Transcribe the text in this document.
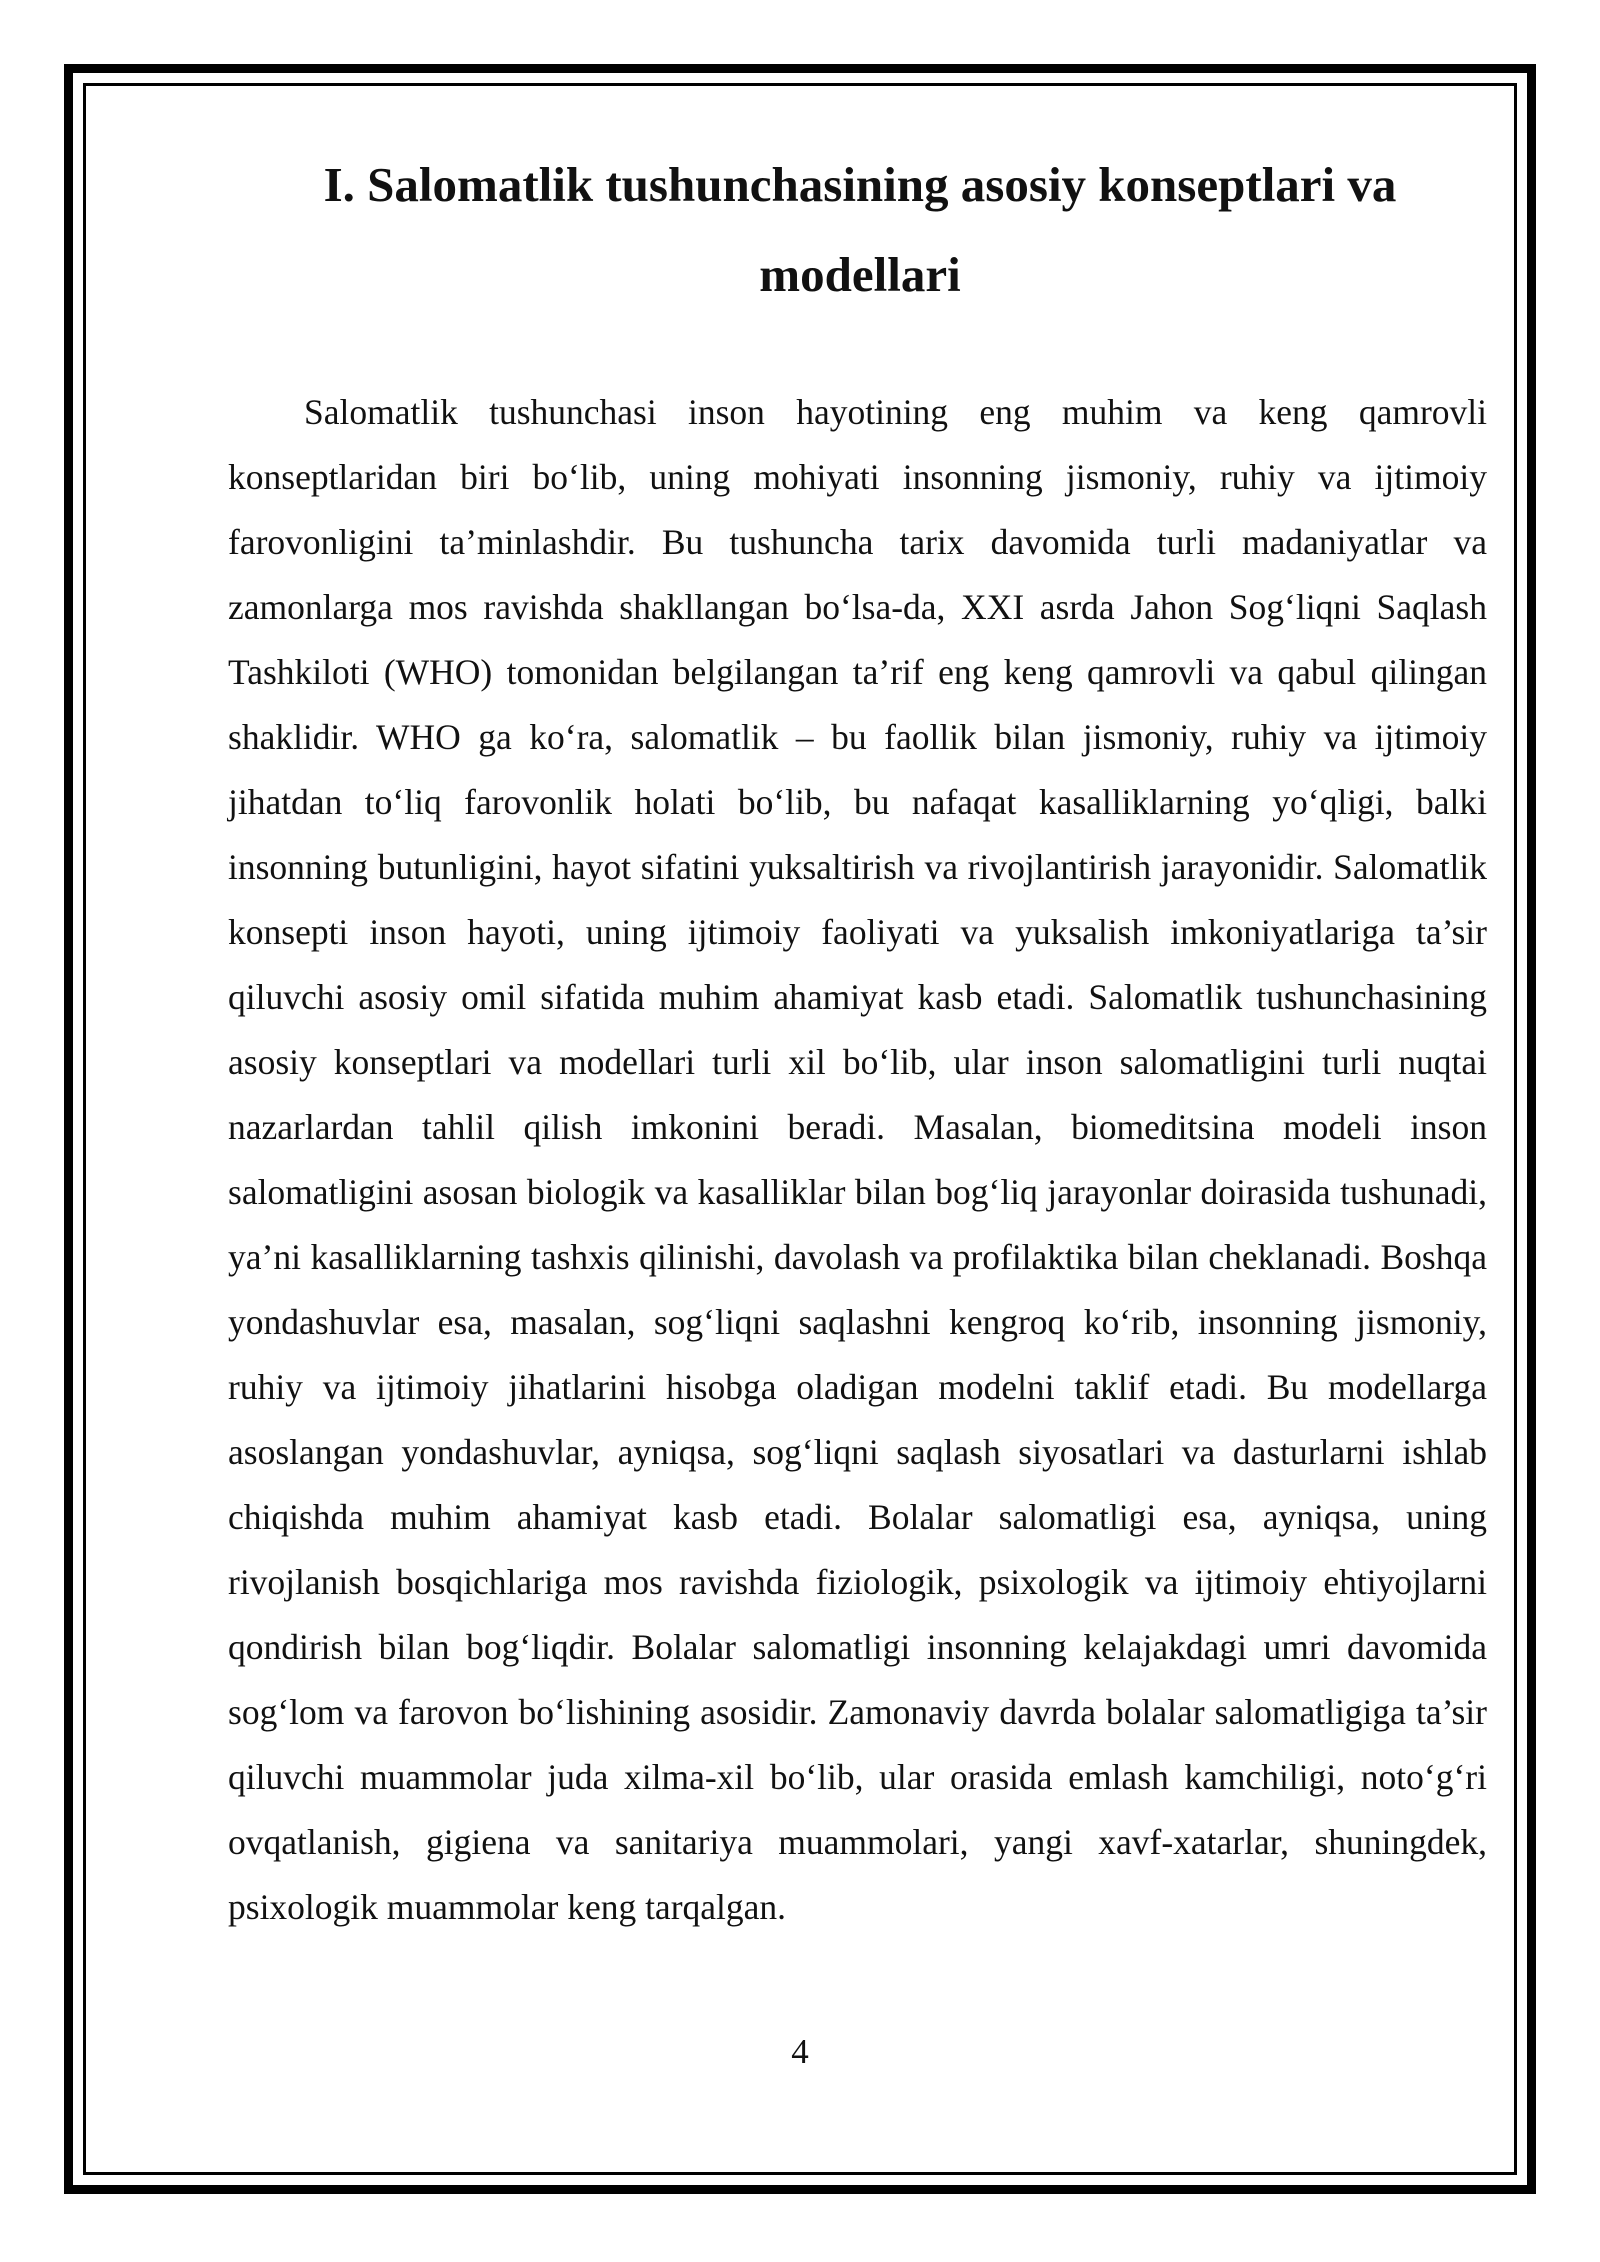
I. Salomatlik tushunchasining asosiy konseptlari va modellari

Salomatlik tushunchasi inson hayotining eng muhim va keng qamrovli konseptlaridan biri bo‘lib, uning mohiyati insonning jismoniy, ruhiy va ijtimoiy farovonligini ta’minlashdir. Bu tushuncha tarix davomida turli madaniyatlar va zamonlarga mos ravishda shakllangan bo‘lsa-da, XXI asrda Jahon Sog‘liqni Saqlash Tashkiloti (WHO) tomonidan belgilangan ta’rif eng keng qamrovli va qabul qilingan shaklidir. WHO ga ko‘ra, salomatlik – bu faollik bilan jismoniy, ruhiy va ijtimoiy jihatdan to‘liq farovonlik holati bo‘lib, bu nafaqat kasalliklarning yo‘qligi, balki insonning butunligini, hayot sifatini yuksaltirish va rivojlantirish jarayonidir. Salomatlik konsepti inson hayoti, uning ijtimoiy faoliyati va yuksalish imkoniyatlariga ta’sir qiluvchi asosiy omil sifatida muhim ahamiyat kasb etadi. Salomatlik tushunchasining asosiy konseptlari va modellari turli xil bo‘lib, ular inson salomatligini turli nuqtai nazarlardan tahlil qilish imkonini beradi. Masalan, biomeditsina modeli inson salomatligini asosan biologik va kasalliklar bilan bog‘liq jarayonlar doirasida tushunadi, ya’ni kasalliklarning tashxis qilinishi, davolash va profilaktika bilan cheklanadi. Boshqa yondashuvlar esa, masalan, sog‘liqni saqlashni kengroq ko‘rib, insonning jismoniy, ruhiy va ijtimoiy jihatlarini hisobga oladigan modelni taklif etadi. Bu modellarga asoslangan yondashuvlar, ayniqsa, sog‘liqni saqlash siyosatlari va dasturlarni ishlab chiqishda muhim ahamiyat kasb etadi. Bolalar salomatligi esa, ayniqsa, uning rivojlanish bosqichlariga mos ravishda fiziologik, psixologik va ijtimoiy ehtiyojlarni qondirish bilan bog‘liqdir. Bolalar salomatligi insonning kelajakdagi umri davomida sog‘lom va farovon bo‘lishining asosidir. Zamonaviy davrda bolalar salomatligiga ta’sir qiluvchi muammolar juda xilma-xil bo‘lib, ular orasida emlash kamchiligi, noto‘g‘ri ovqatlanish, gigiena va sanitariya muammolari, yangi xavf-xatarlar, shuningdek, psixologik muammolar keng tarqalgan.

4
